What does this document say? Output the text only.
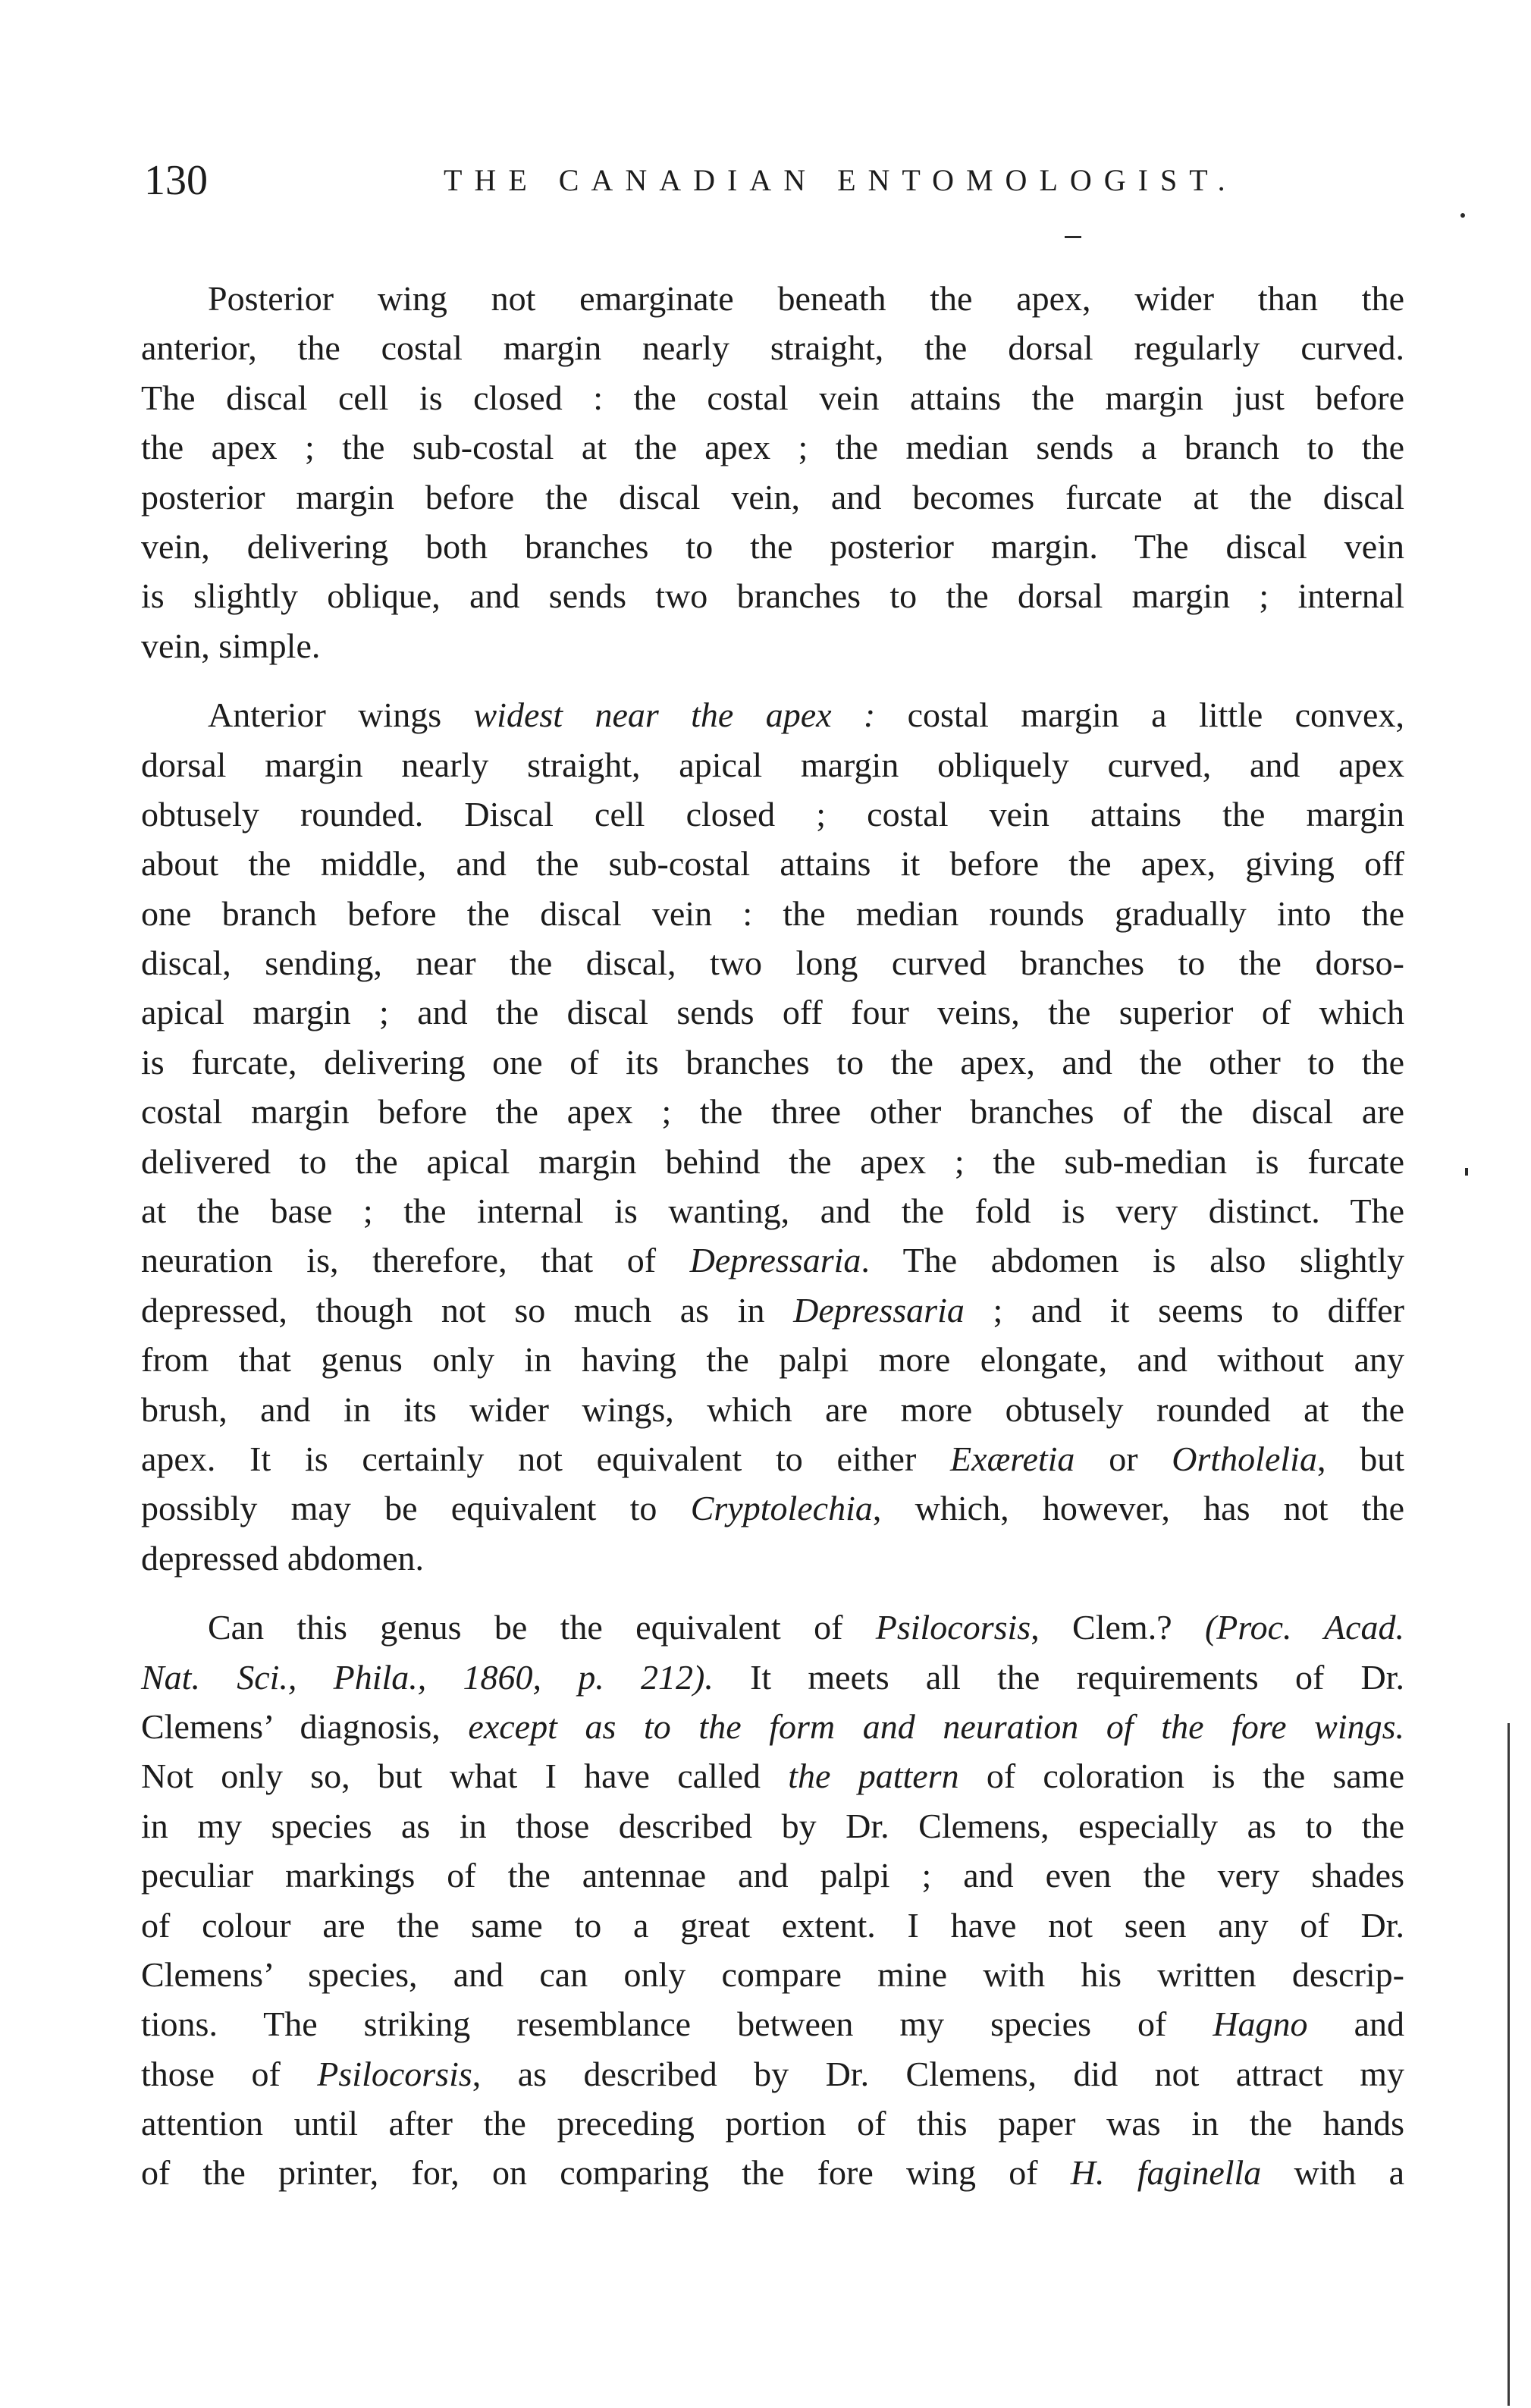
130	THE CANADIAN ENTOMOLOGIST.
Posterior wing not emarginate beneath the apex, wider than the
anterior, the costal margin nearly straight, the dorsal regularly curved.
The discal cell is closed : the costal vein attains the margin just before
the apex ; the sub-costal at the apex ; the median sends a branch to the
posterior margin before the discal vein, and becomes furcate at the discal
vein, delivering both branches to the posterior margin. The discal vein
is slightly oblique, and sends two branches to the dorsal margin ; internal
vein, simple.
Anterior wings widest near the apex : costal margin a little convex,
dorsal margin nearly straight, apical margin obliquely curved, and apex
obtusely rounded. Discal cell closed ; costal vein attains the margin
about the middle, and the sub-costal attains it before the apex, giving off
one branch before the discal vein : the median rounds gradually into the
discal, sending, near the discal, two long curved branches to the dorso-
apical margin ; and the discal sends off four veins, the superior of which
is furcate, delivering one of its branches to the apex, and the other to the
costal margin before the apex ; the three other branches of the discal are
delivered to the apical margin behind the apex ; the sub-median is furcate
at the base ; the internal is wanting, and the fold is very distinct. The
neuration is, therefore, that of Depressaria. The abdomen is also slightly
depressed, though not so much as in Depressaria ; and it seems to differ
from that genus only in having the palpi more elongate, and without any
brush, and in its wider wings, which are more obtusely rounded at the
apex. It is certainly not equivalent to either Exæretia or Ortholelia, but
possibly may be equivalent to Cryptolechia, which, however, has not the
depressed abdomen.
Can this genus be the equivalent of Psilocorsis, Clem.? (Proc. Acad.
Nat. Sci., Phila., 1860, p. 212). It meets all the requirements of Dr.
Clemens’ diagnosis, except as to the form and neuration of the fore wings.
Not only so, but what I have called the pattern of coloration is the same
in my species as in those described by Dr. Clemens, especially as to the
peculiar markings of the antennae and palpi ; and even the very shades
of colour are the same to a great extent. I have not seen any of Dr.
Clemens’ species, and can only compare mine with his written descrip-
tions. The striking resemblance between my species of Hagno and
those of Psilocorsis, as described by Dr. Clemens, did not attract my
attention until after the preceding portion of this paper was in the hands
of the printer, for, on comparing the fore wing of H. faginella with a
